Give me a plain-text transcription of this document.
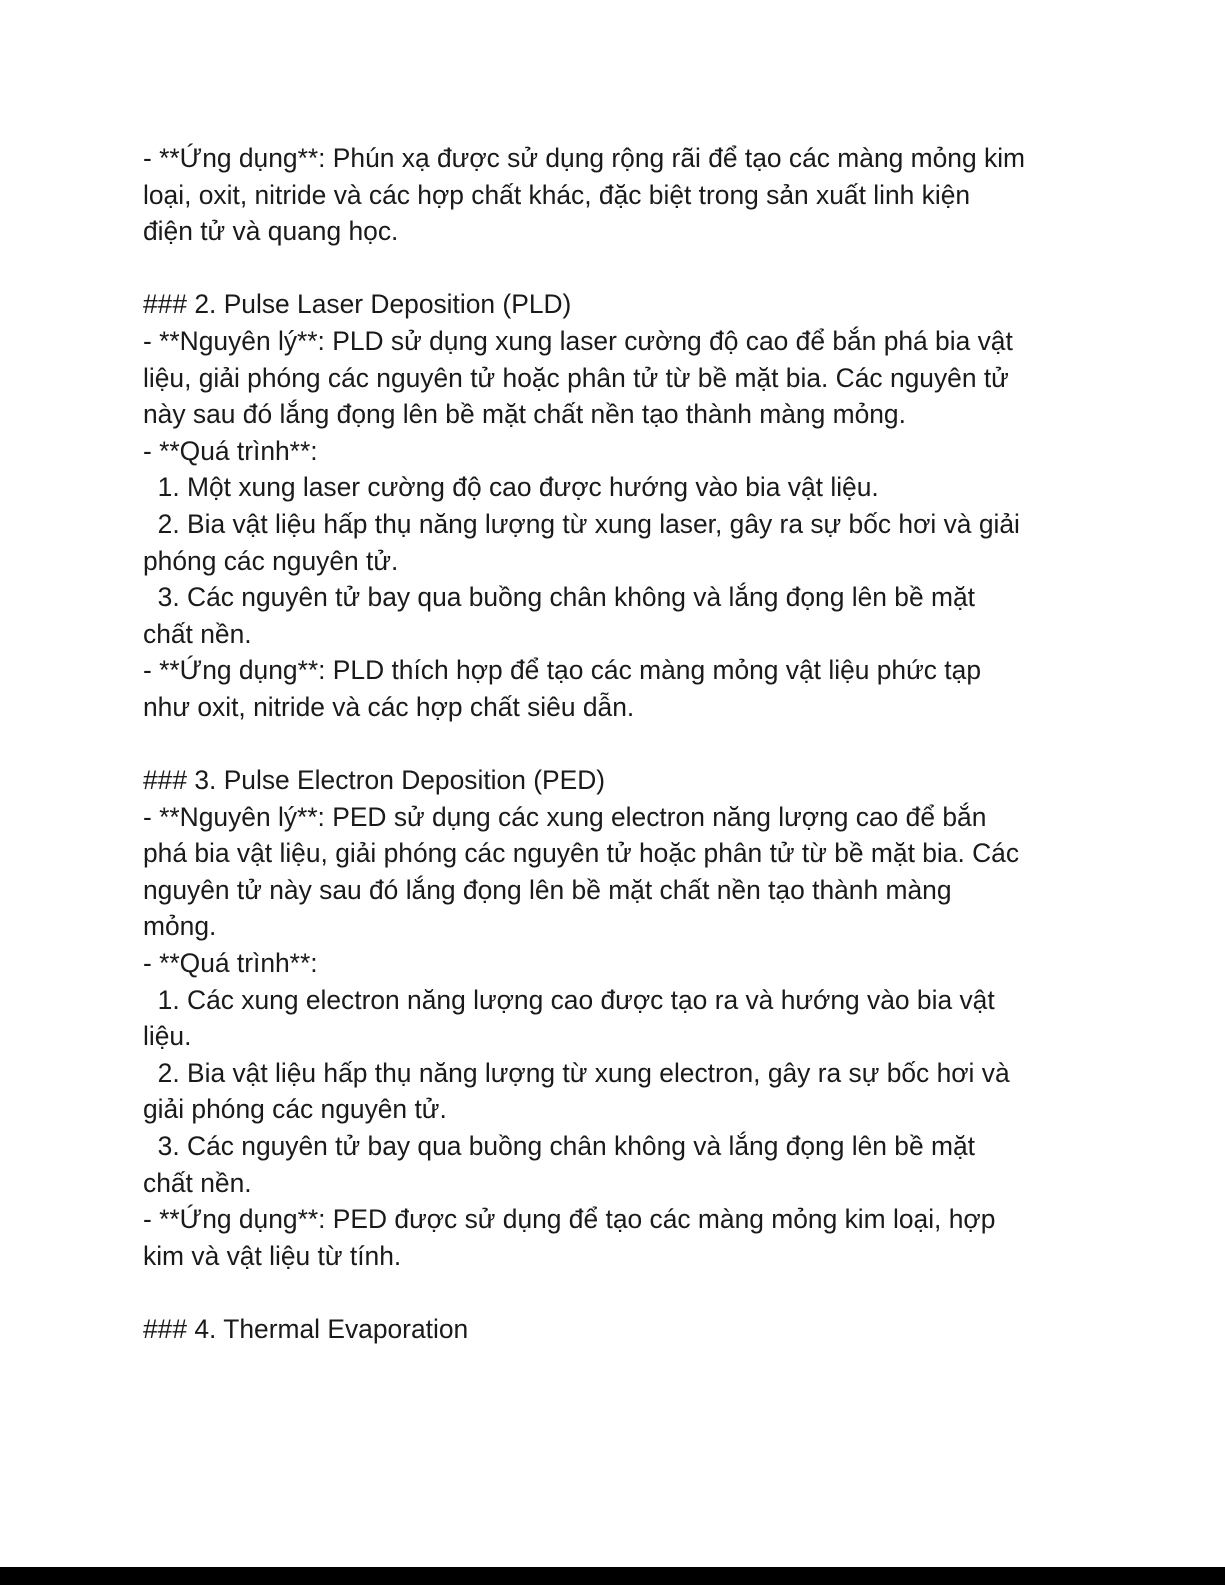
- **Ứng dụng**: Phún xạ được sử dụng rộng rãi để tạo các màng mỏng kim
loại, oxit, nitride và các hợp chất khác, đặc biệt trong sản xuất linh kiện
điện tử và quang học.
### 2. Pulse Laser Deposition (PLD)
- **Nguyên lý**: PLD sử dụng xung laser cường độ cao để bắn phá bia vật
liệu, giải phóng các nguyên tử hoặc phân tử từ bề mặt bia. Các nguyên tử
này sau đó lắng đọng lên bề mặt chất nền tạo thành màng mỏng.
- **Quá trình**:
1. Một xung laser cường độ cao được hướng vào bia vật liệu.
2. Bia vật liệu hấp thụ năng lượng từ xung laser, gây ra sự bốc hơi và giải
phóng các nguyên tử.
3. Các nguyên tử bay qua buồng chân không và lắng đọng lên bề mặt
chất nền.
- **Ứng dụng**: PLD thích hợp để tạo các màng mỏng vật liệu phức tạp
như oxit, nitride và các hợp chất siêu dẫn.
### 3. Pulse Electron Deposition (PED)
- **Nguyên lý**: PED sử dụng các xung electron năng lượng cao để bắn
phá bia vật liệu, giải phóng các nguyên tử hoặc phân tử từ bề mặt bia. Các
nguyên tử này sau đó lắng đọng lên bề mặt chất nền tạo thành màng
mỏng.
- **Quá trình**:
1. Các xung electron năng lượng cao được tạo ra và hướng vào bia vật
liệu.
2. Bia vật liệu hấp thụ năng lượng từ xung electron, gây ra sự bốc hơi và
giải phóng các nguyên tử.
3. Các nguyên tử bay qua buồng chân không và lắng đọng lên bề mặt
chất nền.
- **Ứng dụng**: PED được sử dụng để tạo các màng mỏng kim loại, hợp
kim và vật liệu từ tính.
### 4. Thermal Evaporation
